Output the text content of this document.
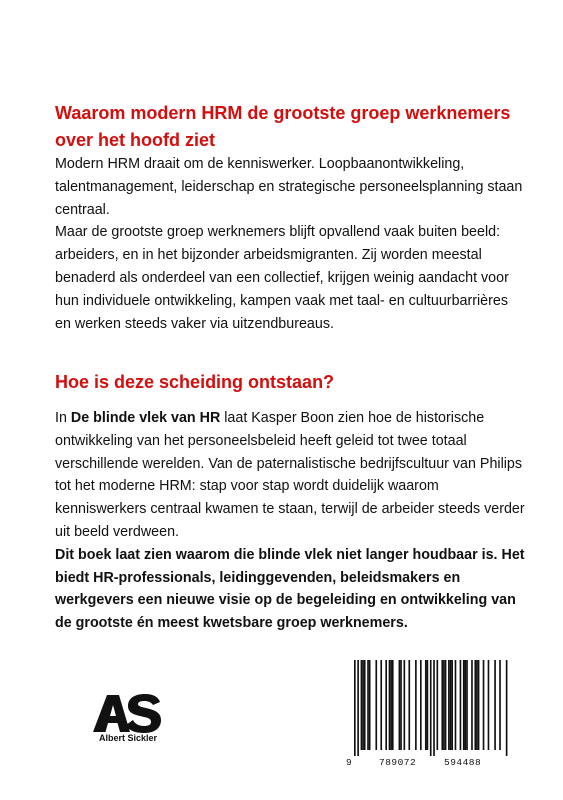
Waarom modern HRM de grootste groep werknemers
over het hoofd ziet

Modern HRM draait om de kenniswerker. Loopbaanontwikkeling, talentmanagement, leiderschap en strategische personeelsplanning staan centraal.

Maar de grootste groep werknemers blijft opvallend vaak buiten beeld: arbeiders, en in het bijzonder arbeidsmigranten. Zij worden meestal benaderd als onderdeel van een collectief, krijgen weinig aandacht voor hun individuele ontwikkeling, kampen vaak met taal- en cultuurbarrières en werken steeds vaker via uitzendbureaus.

Hoe is deze scheiding ontstaan?

In De blinde vlek van HR laat Kasper Boon zien hoe de historische ontwikkeling van het personeelsbeleid heeft geleid tot twee totaal verschillende werelden. Van de paternalistische bedrijfscultuur van Philips tot het moderne HRM: stap voor stap wordt duidelijk waarom kenniswerkers centraal kwamen te staan, terwijl de arbeider steeds verder uit beeld verdween.

Dit boek laat zien waarom die blinde vlek niet langer houdbaar is. Het biedt HR-professionals, leidinggevenden, beleidsmakers en werkgevers een nieuwe visie op de begeleiding en ontwikkeling van de grootste én meest kwetsbare groep werknemers.

Albert Sickler
9	789072	594488
